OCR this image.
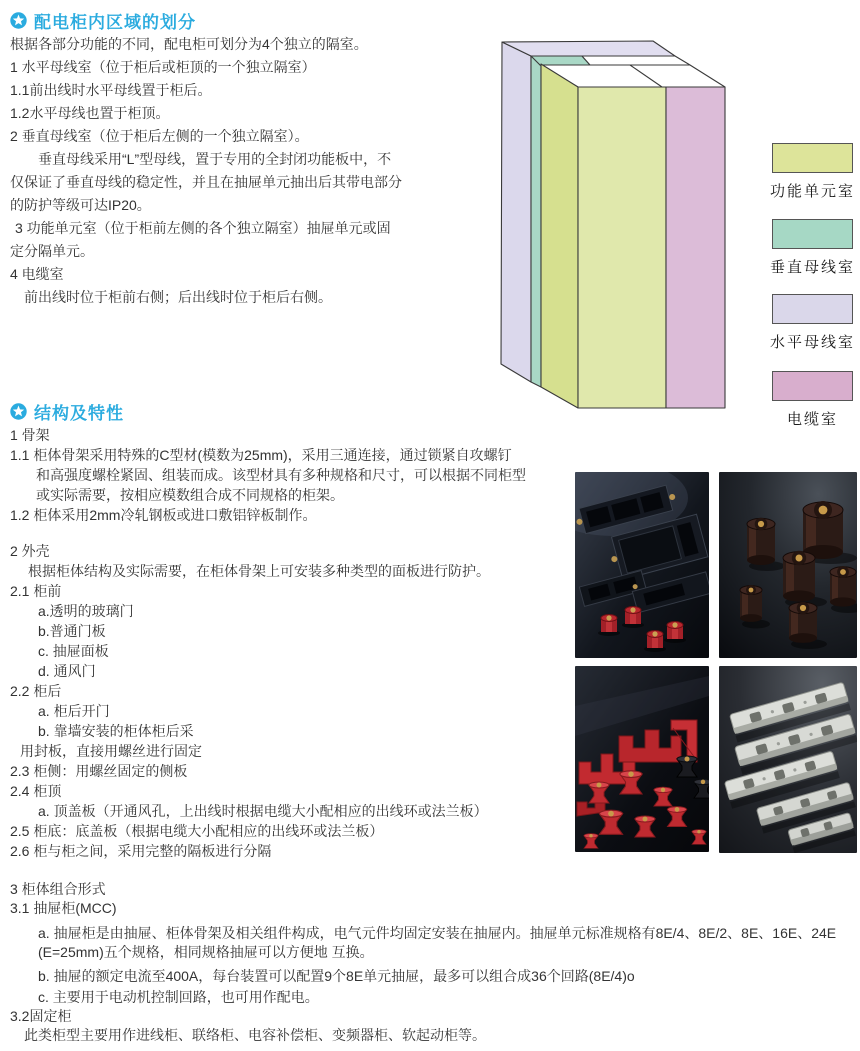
配电柜内区域的划分
根据各部分功能的不同，配电柜可划分为4个独立的隔室。
1 水平母线室（位于柜后或柜顶的一个独立隔室）
1.1前出线时水平母线置于柜后。
1.2水平母线也置于柜顶。
2 垂直母线室（位于柜后左侧的一个独立隔室）。
垂直母线采用“L”型母线，置于专用的全封闭功能板中，不
仅保证了垂直母线的稳定性，并且在抽屉单元抽出后其带电部分
的防护等级可达IP20。
3 功能单元室（位于柜前左侧的各个独立隔室）抽屉单元或固
定分隔单元。
4 电缆室
前出线时位于柜前右侧；后出线时位于柜后右侧。
功能单元室
垂直母线室
水平母线室
电缆室
结构及特性
1 骨架
1.1 柜体骨架采用特殊的C型材(模数为25mm)，采用三通连接，通过锁紧自攻螺钉
和高强度螺栓紧固、组装而成。该型材具有多种规格和尺寸，可以根据不同柜型
或实际需要，按相应模数组合成不同规格的柜架。
1.2 柜体采用2mm冷轧钢板或进口敷铝锌板制作。
2 外壳
根据柜体结构及实际需要，在柜体骨架上可安装多种类型的面板进行防护。
2.1 柜前
a.透明的玻璃门
b.普通门板
c. 抽屉面板
d. 通风门
2.2 柜后
a. 柜后开门
b. 靠墙安装的柜体柜后采
用封板，直接用螺丝进行固定
2.3 柜侧：用螺丝固定的侧板
2.4 柜顶
a. 顶盖板（开通风孔，上出线时根据电缆大小配相应的出线环或法兰板）
2.5 柜底：底盖板（根据电缆大小配相应的出线环或法兰板）
2.6 柜与柜之间，采用完整的隔板进行分隔
3 柜体组合形式
3.1 抽屉柜(MCC)
a. 抽屉柜是由抽屉、柜体骨架及相关组件构成，电气元件均固定安装在抽屉内。抽屉单元标准规格有8E/4、8E/2、8E、16E、24E
(E=25mm)五个规格，相同规格抽屉可以方便地 互换。
b. 抽屉的额定电流至400A，每台装置可以配置9个8E单元抽屉，最多可以组合成36个回路(8E/4)o
c. 主要用于电动机控制回路，也可用作配电。
3.2固定柜
此类柜型主要用作进线柜、联络柜、电容补偿柜、变频器柜、软起动柜等。
